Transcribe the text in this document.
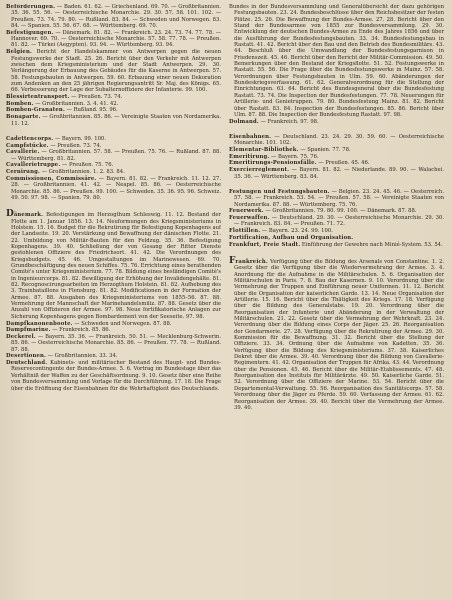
Beförderungen. — Baden. 61. 62. — Griechenland. 69. 70. — Großbritannien. 35. 36. 55. 56. — Oesterreichische Monarchie. 29. 30. 57. 58. 101. 102. — Preußen. 73. 74. 79. 80. — Rußland. 83. 84. — Schweden und Norwegen. 83. 84. — Spanien. 55. 56. 67. 68. — Württemberg. 69. 70.

Befestigungen. — Dänemark. 81. 82. — Frankreich. 23. 24. 73. 74. 77. 78. — Hannover. 69. 70. — Oesterreichische Monarchie. 57. 58. 77. 78. — Preußen. 81. 82. — Türkei (Aegypten). 93. 94. — Württemberg. 93. 94.

Belgien. Bericht der Handelskammer von Antwerpen gegen die neuen Festungswerke der Stadt. 25. 26. Bericht über den Verkehr mit Antwerpen zwischen dem Kriegsministerium und der Stadt Antwerpen. 29. 30. Verlängerung der Erbauung des Gebäudes für die Kaserne in Antwerpen. 57. 58. Festungsbauten in Antwerpen. 59. 60. Erbauung einer neuen Dekoration zum Andenken an den 25 jährigen Regierungsantritt Sr. Maj. des Königs. 65. 66. Verbesserung der Lage der Subalternoffiziere der Infanterie. 99. 100.

Blessirtentransport. — Preußen. 73. 74.

Bomben. — Großbritannien. 3. 4. 41. 42.

Bomben-Granaten. — Rußland. 95. 96.

Bonaparte. — Großbritannien. 85. 86. — Vereinigte Staaten von Nordamerika. 11. 12.

Cadettencorps. — Bayern. 99. 100.

Campfstücke. — Preußen. 73. 74.

Cavallerie. — Großbritannien. 57. 58. — Preußen. 75. 76. — Rußland. 87. 88. — Württemberg. 81. 82.

Cavallerietruppe. — Preußen. 75. 76.

Cernirung. — Großbritannien. 1. 2. 83. 84.

Commissionen, Commissäre. — Bayern. 81. 82. — Frankreich. 11. 12. 27. 28. — Großbritannien. 41. 42. — Neapel. 85. 86. — Oesterreichische Monarchie. 85. 86. — Preußen. 99. 100. — Schweden. 35. 36. 95. 96. Schweiz. 49. 50. 97. 98. — Spanien. 79. 80.

Dänemark. Befestigungen im Herzogthum Schleswig. 11. 12. Bestand der Flotte am 1. Januar 1856. 13. 14. Neuformungen des Kriegsministeriums in Holstein. 15. 16. Budget für die Rekrutirung für Befestigung Kopenhagens auf der Landseite. 19. 20. Verstärkung und Bewaffnung der dänischen Flotte. 21. 22. Umbildung von Militär-Bauten für den Feldzug. 35. 36. Befestigung Kopenhagens. 39. 40. Schließung der von Gesang der Ritter Dienste gestohlenen Offiziere des Friedrichsort. 41. 42. Die Verordnungen des Kriegsbudgets. 45. 46. Umgestaltungen im Marinewesen. 69. 70. Grundbeschäftigung des neuen Schiffes. 75. 76. Errichtung eines berathenden Comité's unter Kriegsministerium. 77. 78. Bildung eines beständigen Comité's in Ingenieurcorps. 81. 82. Bewilligung der Erhöhung der Invalidengehälte. 81. 82. Recognoscirungsarbeiten im Herzogthum Holstein. 81. 82. Aufhebung des 3. Trainbataillons in Flensburg. 81. 82. Modificationen in der Formation der Armee. 87. 88. Ausgaben des Kriegsministeriums von 1855–56. 87. 88. Vermehrung der Mannschaft der Marinehandelsmiliz. 87. 88. Gesetz über die Anzahl von Offizieren der Armee. 97. 98. Neue fortifikatorische Anlagen zur Sicherung Kopenhagens gegen Bombardement von der Seeseite. 97. 98.

Dampfkanonenboote. — Schweden und Norwegen. 87. 88.

Dampfmarine. — Frankreich. 85. 86.

Deckerel. — Bayern. 35. 36. — Frankreich. 50. 51. — Mecklenburg-Schwerin. 85. 86. — Oesterreichische Monarchie. 85. 86. — Preußen. 77. 78. — Rußland. 87. 88.

Desertionen. — Großbritannien. 33. 34.

Deutschland. Kabinets- und militärischer Bestand des Haupt- und Bundes-Reservecontingente der Bundes-Armee. 5. 6. Vortrag im Bundestage über das Verhältniß der Waffen zu der Geschäftsordnung. 9. 10. Gesetz über eine Reihe von Bundesversammlung und Vorlage für die Durchführung. 17. 18. Die Frage über die Eröffnung der Eisenbahnen für die Wehrhaftigkeit des Deutschlands.

Bundes in der Bundesversammlung und Generalübersicht der dazu gehörigen Festungsbauten. 23. 24. Bundesbeschlüsse über den Reichsbesitzer der festen Plätze. 25. 26. Die Bewaffnung der Bundes-Armee. 27. 28. Bericht über den Stand der Bundesarmee von 1855 zur Bundesversammlung. 29. 30. Entwicklung der deutschen Bundes-Armee zu Ende des Jahres 1856 und über die Ausführung der Bundesfestungsbauten. 33. 34. Bundesfestungsbau in Rastatt. 41. 42. Bericht über den Bau und den Betrieb des Bundesmilitärs. 43. 44. Beschluß über die Umwandlung der Bundesfestungsgarnison in Friedenszeit. 45. 46. Bericht über den Bericht der Militär-Commission. 49. 50. Bemerkungen über den Bestand der Kriegsflotte. 51. 52. Festungswerke in Rastatt. 55. 56. Die Frage über die Bundesfestungswerke in Mainz. 57. 58. Verordnungen über Festungsbauten in Ulm. 59. 60. Abänderungen der Bundeskriegsverfassung. 61. 62. Generalverordnung für die Stellung der Einrichtungen. 63. 64. Bericht des Bundesgeneral über die Bundesfestung Rastatt. 73. 74. Die Inspection der Bundesfestungen. 77. 78. Neuerungen für Artillerie- und Genietruppen. 79. 80. Bundesfestung Mainz. 81. 82. Bericht über Rastatt. 83. 84. Inspection der Bundesfestungen. 85. 86. Bericht über Ulm. 87. 88. Die Inspection der Bundesfestung Rastatt. 97. 98.

Dolmand. — Frankreich. 97. 98.

Eisenbahnen. — Deutschland. 23. 24. 29. 30. 59. 60. — Oesterreichische Monarchie. 101. 102.

Elementar-Bibliothek. — Spanien. 77. 78.

Emeritirung. — Bayern. 75. 76.

Emeritirungs-Pensionsfälle. — Preußen. 45. 46.

Exercierreglement. — Bayern. 81. 82. — Niederlande. 89. 90. — Walachei. 35. 36. — Württemberg. 83. 84.

Festungen und Festungsbauten. — Belgien. 23. 24. 45. 46. — Oesterreich. 57. 58. — Frankreich. 53. 54. — Preußen. 57. 58. — Vereinigte Staaten von Nordamerika. 87. 88. — Württemberg. 75. 76.

Feuerwerk. — Großbritannien. 79. 80. 99. 100. — Dänemark. 87. 88.

Feuerwaffen. — Deutschland. 29. 30. — Oesterreichische Monarchie. 29. 30. — Frankreich. 83. 84. — Preußen. 71. 72.

Flottillen. — Bayern. 23. 24. 99. 100.

Fortification, Aufbau und Organisation.

Frankfurt, Freie Stadt. Einführung der Gewehre nach Minié-System. 53. 54.

Frankreich. Verfügung über die Bildung des Arsenals von Constantine. 1. 2. Gesetz über die Verfügung über die Wiedervermehrung der Armee. 3. 4. Anordnung für die Aufnahme in die Militärschulen. 5. 6. Organisation der Militärschulen in Paris. 7. 8. Bau der Kasernen. 9. 10. Verordnung über die Vermehrung der Truppen und Einführung neuer Uniformen. 11. 12. Bericht über die Organisation der kaiserlichen Garde. 13. 14. Neue Organisation der Artillerie. 15. 16. Bericht über die Thätigkeit des Kriegs. 17. 18. Verfügung über die Bildung des Generalstabs. 19. 20. Verordnung über die Reorganisation der Infanterie und Abänderung in der Verwaltung der Militärschulen. 21. 22. Gesetz über die Vermehrung der Wehrkraft. 23. 24. Verordnung über die Bildung eines Corps der Jäger. 25. 26. Reorganisation der Gendarmerie. 27. 28. Verfügung über die Rekrutirung der Armee. 29. 30. Kommission für die Bewaffnung. 31. 32. Bericht über die Stellung der Offiziere. 33. 34. Ordnung über die Aufnahme von Kadetten. 35. 36. Verfügung über die Bildung des Kriegsministeriums. 37. 38. Kaiserliches Dekret über die Armee. 39. 40. Verordnung über die Bildung von Cavallerie-Regimentern. 41. 42. Organisation der Truppen für Afrika. 43. 44. Verordnung über die Pensionen. 45. 46. Bericht über die Militär-Etablissements. 47. 48. Reorganisation des Instituts für Militärärzte. 49. 50. Kaiserliche Garde. 51. 52. Verordnung über die Offiziere der Marine. 53. 54. Bericht über die Departemental-Verwaltung. 55. 56. Reorganisation des Sanitätscorps. 57. 58. Verordnung über die Jäger zu Pferde. 59. 60. Verfassung der Armee. 61. 62. Reorganisation der Armee. 39. 40. Bericht über die Vermehrung der Armee. 39. 40.
